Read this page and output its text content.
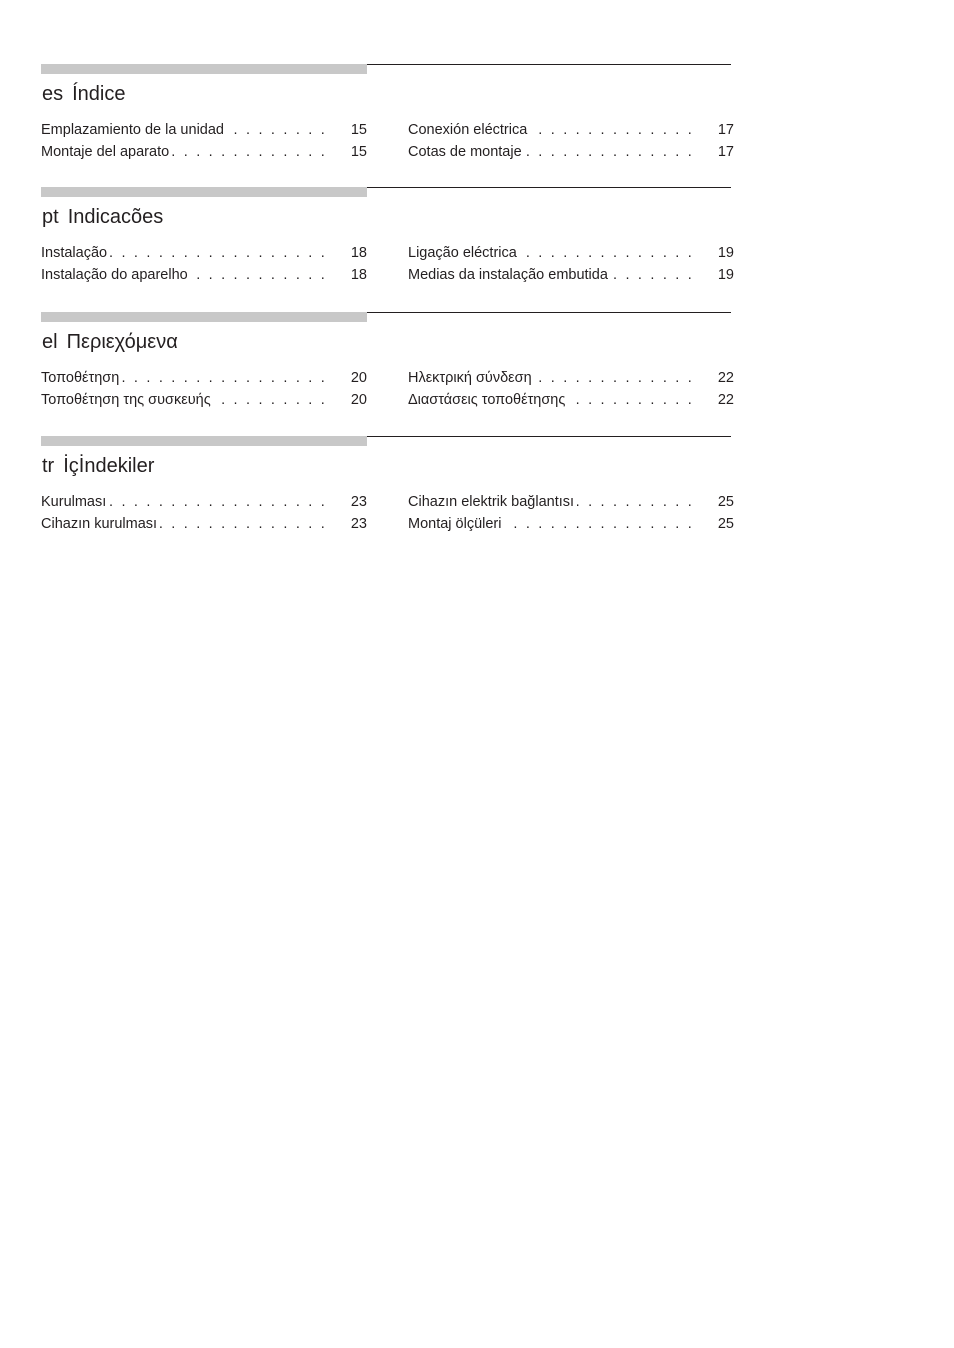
es Índice
. . .
Emplazamiento de la unidad	15
. . .
Montaje del aparato	15
. . .
Conexión eléctrica	17
. . .
Cotas de montaje	17
pt Indicacões
. . .
Instalação	18
. . .
Instalação do aparelho	18
. . .
Ligação eléctrica	19
. . .
Medias da instalação embutida	19
el Περιεχόμενα
. . .
Τοποθέτηση	20
. . .
Τοποθέτηση της συσκευής	20
. . .
Ηλεκτρική σύνδεση	22
. . .
Διαστάσεις τοποθέτησης	22
tr İçİndekiler
. . .
Kurulması	23
. . .
Cihazın kurulması	23
. . .
Cihazın elektrik bağlantısı	25
. . .
Montaj ölçüleri	25
